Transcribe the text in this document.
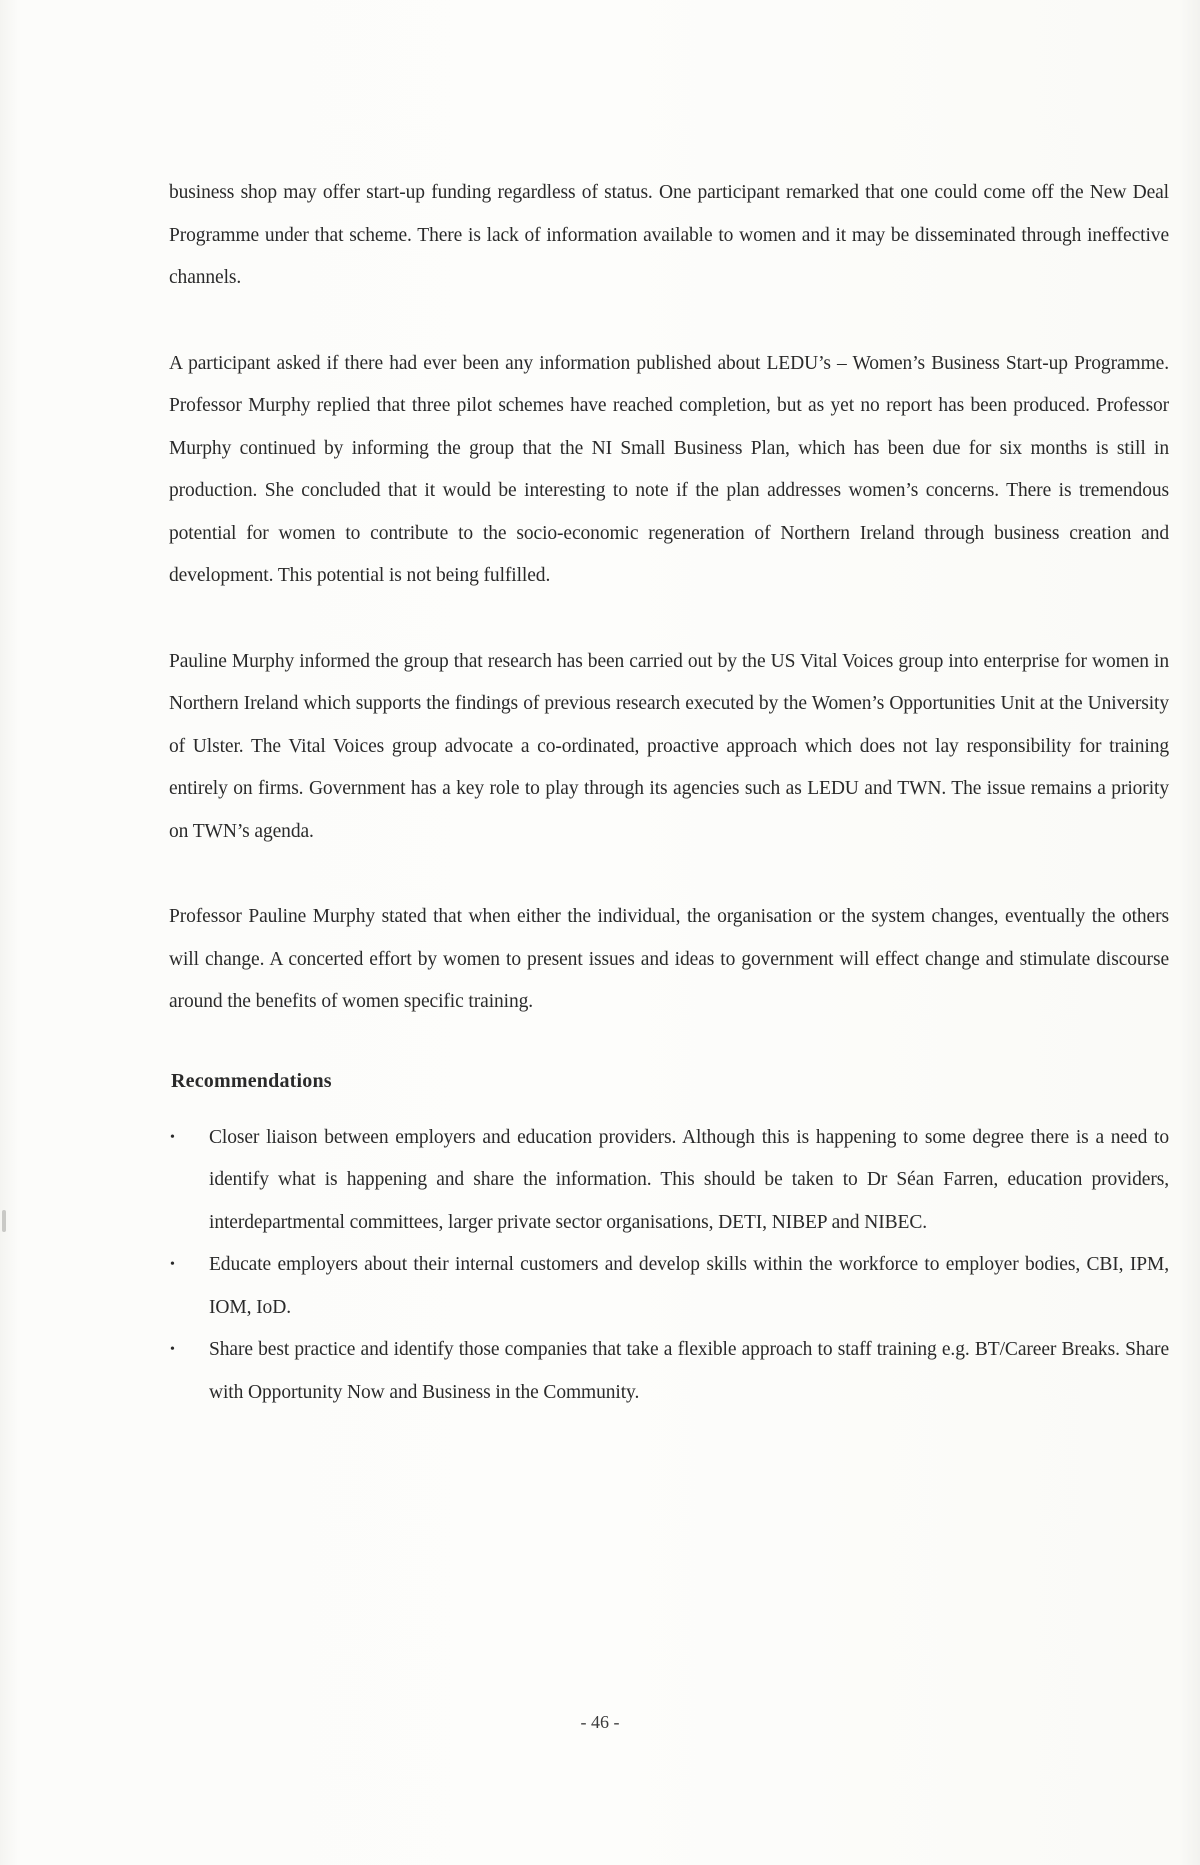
business shop may offer start-up funding regardless of status. One participant remarked that one could come off the New Deal Programme under that scheme. There is lack of information available to women and it may be disseminated through ineffective channels.

A participant asked if there had ever been any information published about LEDU’s – Women’s Business Start-up Programme. Professor Murphy replied that three pilot schemes have reached completion, but as yet no report has been produced. Professor Murphy continued by informing the group that the NI Small Business Plan, which has been due for six months is still in production. She concluded that it would be interesting to note if the plan addresses women’s concerns. There is tremendous potential for women to contribute to the socio-economic regeneration of Northern Ireland through business creation and development. This potential is not being fulfilled.

Pauline Murphy informed the group that research has been carried out by the US Vital Voices group into enterprise for women in Northern Ireland which supports the findings of previous research executed by the Women’s Opportunities Unit at the University of Ulster. The Vital Voices group advocate a co-ordinated, proactive approach which does not lay responsibility for training entirely on firms. Government has a key role to play through its agencies such as LEDU and TWN. The issue remains a priority on TWN’s agenda.

Professor Pauline Murphy stated that when either the individual, the organisation or the system changes, eventually the others will change. A concerted effort by women to present issues and ideas to government will effect change and stimulate discourse around the benefits of women specific training.

Recommendations
• Closer liaison between employers and education providers. Although this is happening to some degree there is a need to identify what is happening and share the information. This should be taken to Dr Séan Farren, education providers, interdepartmental committees, larger private sector organisations, DETI, NIBEP and NIBEC.
• Educate employers about their internal customers and develop skills within the workforce to employer bodies, CBI, IPM, IOM, IoD.
• Share best practice and identify those companies that take a flexible approach to staff training e.g. BT/Career Breaks. Share with Opportunity Now and Business in the Community.
- 46 -
